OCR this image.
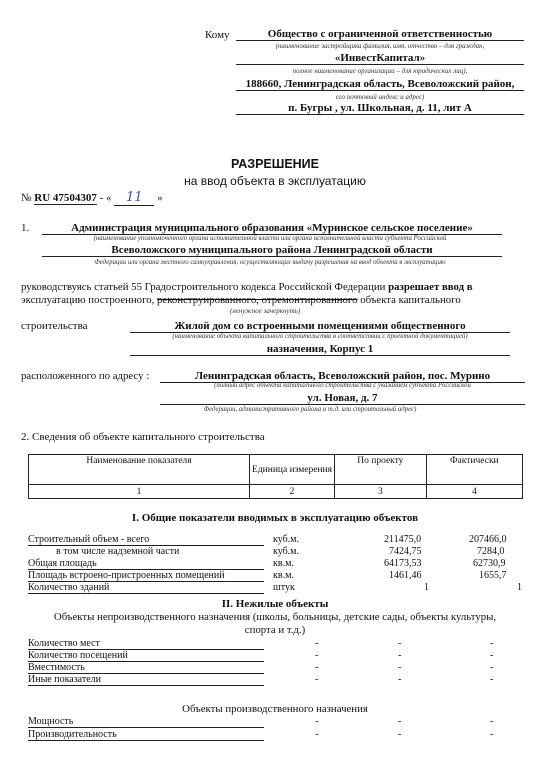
Кому	Общество с ограниченной ответственностью
(наименование застройщика фамилия, имя, отчество – для граждан,
«ИнвестКапитал»
полное наименование организации – для юридических лиц),
188660, Ленинградская область, Всеволожский район,
его почтовый индекс и адрес)
п. Бугры , ул. Школьная, д. 11, лит А
РАЗРЕШЕНИЕ
на ввод объекта в эксплуатацию
№ RU 47504307 - « 11 »
1.	Администрация муниципального образования «Муринское сельское поселение»
(наименование уполномоченного органа исполнительной власти или органа исполнительной власти субъекта Российской
Всеволожского муниципального района Ленинградской области
Федерации или органа местного самоуправления, осуществляющих выдачу разрешения на ввод объекта в эксплуатацию
руководствуясь статьей 55 Градостроительного кодекса Российской Федерации разрешает ввод в
эксплуатацию построенного, реконструированного, отремонтированного объекта капитального
(ненужное зачеркнуть)
строительства	Жилой дом со встроенными помещениями общественного
(наименование объекта капитального строительства в соответствии с проектной документацией)
назначения, Корпус 1
расположенного по адресу :	Ленинградская область, Всеволожский район, пос. Мурино
(полный адрес объекта капитального строительства с указанием субъекта Российской
ул. Новая, д. 7
Федерации, административного района и т.д. или строительный адрес)
2. Сведения об объекте капитального строительства
Наименование показателя	Единица измерения	По проекту	Фактически
1	2	3	4
I. Общие показатели вводимых в эксплуатацию объектов
Строительный объем - всего	куб.м.	211475,0	207466,0
в том числе надземной части	куб.м.	7424,75	7284,0
Общая площадь	кв.м.	64173,53	62730,9
Площадь встроено-пристроенных помещений	кв.м.	1461,46	1655,7
Количество зданий	штук	1	1
II. Нежилые объекты
Объекты непроизводственного назначения (школы, больницы, детские сады, объекты культуры,
спорта и т.д.)
Количество мест	-	-	-
Количество посещений	-	-	-
Вместимость	-	-	-
Иные показатели	-	-	-
Объекты производственного назначения
Мощность	-	-	-
Производительность	-	-	-
